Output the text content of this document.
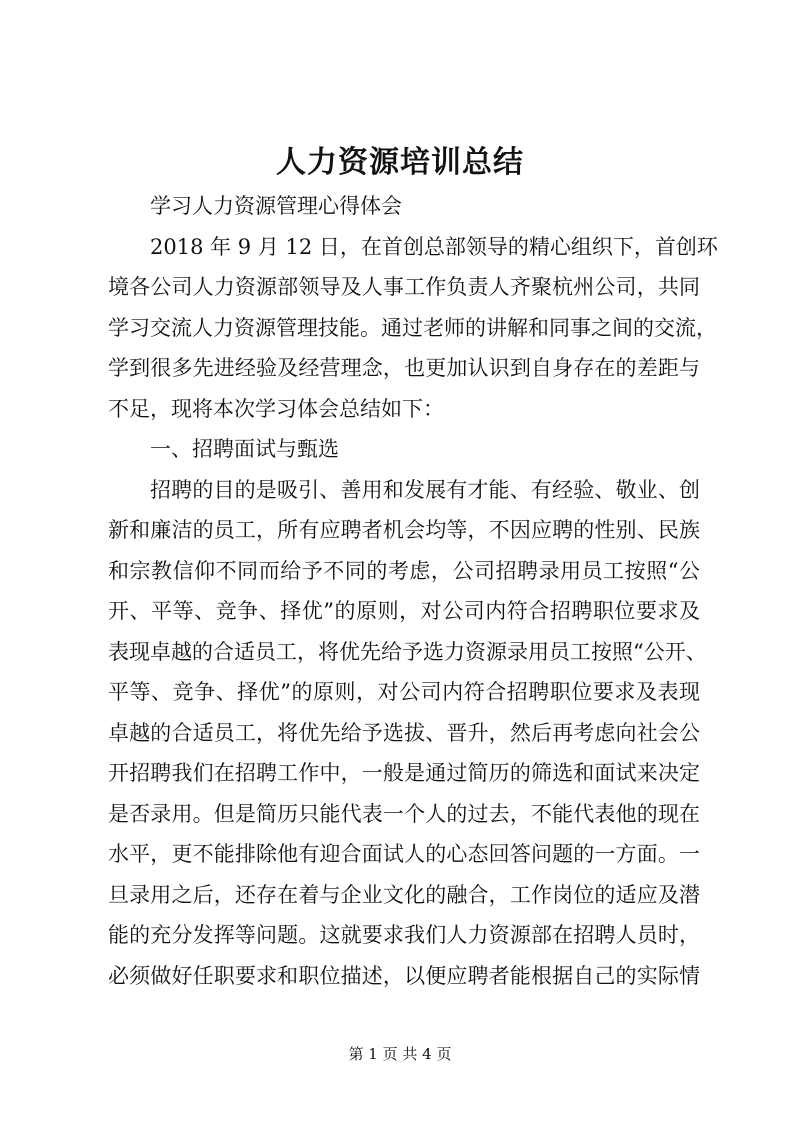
人力资源培训总结
学习人力资源管理心得体会
2018 年 9 月 12 日，在首创总部领导的精心组织下，首创环
境各公司人力资源部领导及人事工作负责人齐聚杭州公司，共同
学习交流人力资源管理技能。通过老师的讲解和同事之间的交流，
学到很多先进经验及经营理念，也更加认识到自身存在的差距与
不足，现将本次学习体会总结如下：
一、招聘面试与甄选
招聘的目的是吸引、善用和发展有才能、有经验、敬业、创
新和廉洁的员工，所有应聘者机会均等，不因应聘的性别、民族
和宗教信仰不同而给予不同的考虑，公司招聘录用员工按照“公
开、平等、竞争、择优”的原则，对公司内符合招聘职位要求及
表现卓越的合适员工，将优先给予选力资源录用员工按照“公开、
平等、竞争、择优”的原则，对公司内符合招聘职位要求及表现
卓越的合适员工，将优先给予选拔、晋升，然后再考虑向社会公
开招聘我们在招聘工作中，一般是通过简历的筛选和面试来决定
是否录用。但是简历只能代表一个人的过去，不能代表他的现在
水平，更不能排除他有迎合面试人的心态回答问题的一方面。一
旦录用之后，还存在着与企业文化的融合，工作岗位的适应及潜
能的充分发挥等问题。这就要求我们人力资源部在招聘人员时，
必须做好任职要求和职位描述，以便应聘者能根据自己的实际情
第 1 页 共 4 页
